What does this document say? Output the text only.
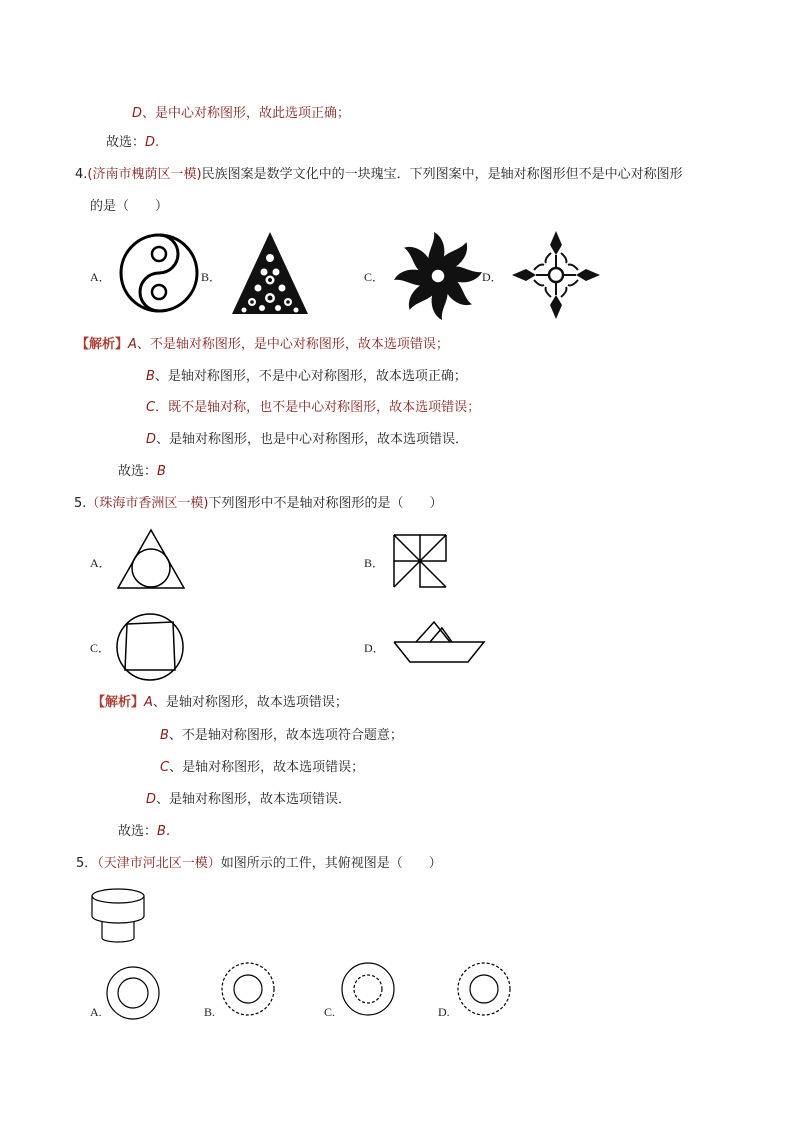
D、是中心对称图形，故此选项正确；
故选：D.
4.(济南市槐荫区一模)民族图案是数学文化中的一块瑰宝．下列图案中，是轴对称图形但不是中心对称图形
的是（　　）
A．	B．	C．	D．
【解析】A、不是轴对称图形，是中心对称图形，故本选项错误；
B、是轴对称图形，不是中心对称图形，故本选项正确；
C．既不是轴对称，也不是中心对称图形，故本选项错误；
D、是轴对称图形，也是中心对称图形，故本选项错误．
故选：B
5.（珠海市香洲区一模)下列图形中不是轴对称图形的是（　　）
A．	B．
C．	D．
【解析】A、是轴对称图形，故本选项错误；
B、不是轴对称图形，故本选项符合题意；
C、是轴对称图形，故本选项错误；
D、是轴对称图形，故本选项错误．
故选：B.
5．（天津市河北区一模）如图所示的工件，其俯视图是（　　）
A.	B.	C.	D.
